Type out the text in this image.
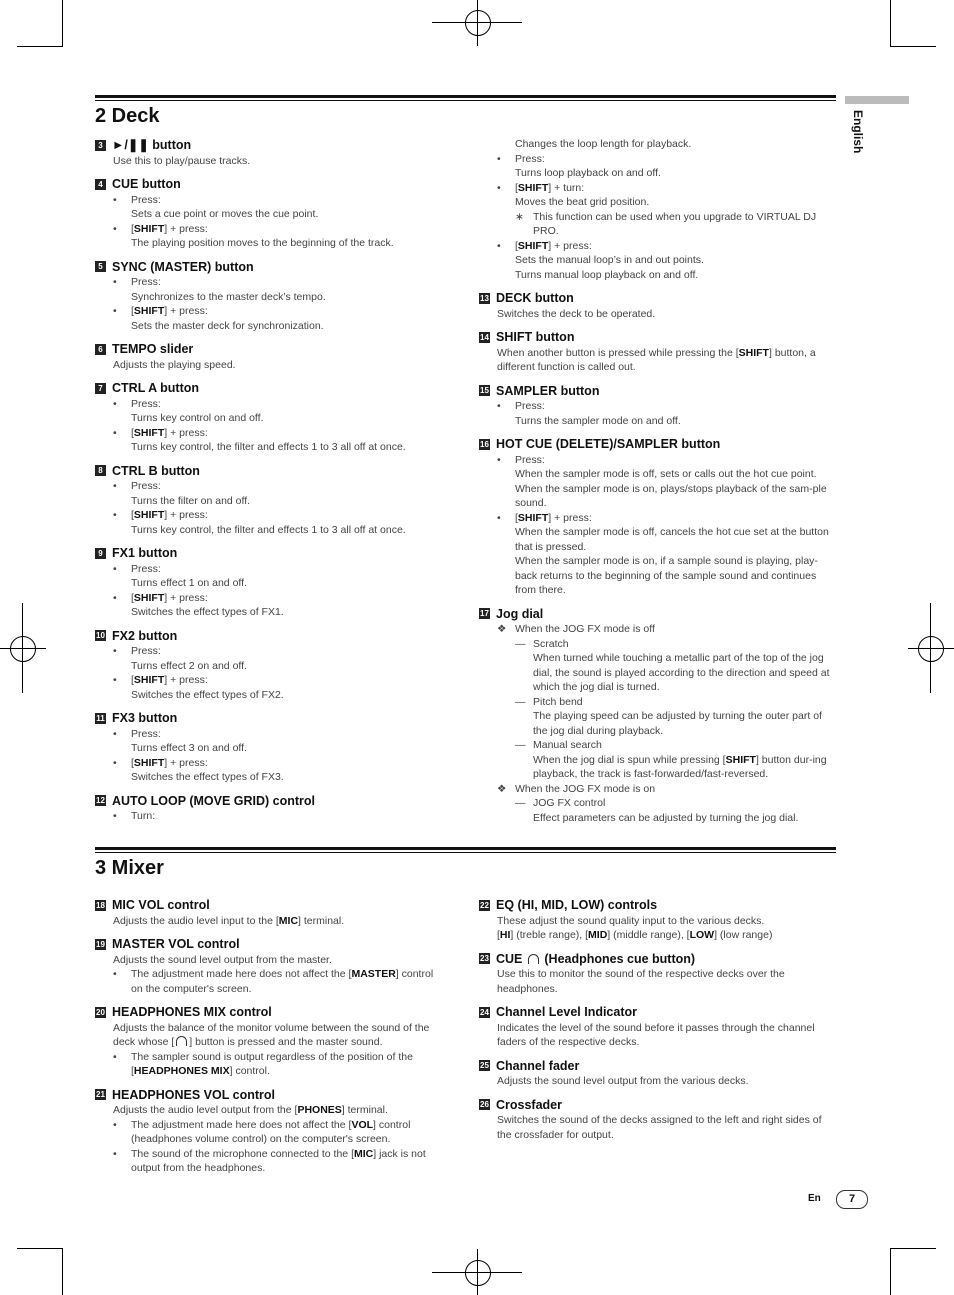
English
2 Deck
3 ►/❚❚ button
Use this to play/pause tracks.
4 CUE button
•	Press:
Sets a cue point or moves the cue point.
•	[SHIFT] + press:
The playing position moves to the beginning of the track.
5 SYNC (MASTER) button
•	Press:
Synchronizes to the master deck’s tempo.
•	[SHIFT] + press:
Sets the master deck for synchronization.
6 TEMPO slider
Adjusts the playing speed.
7 CTRL A button
•	Press:
Turns key control on and off.
•	[SHIFT] + press:
Turns key control, the filter and effects 1 to 3 all off at once.
8 CTRL B button
•	Press:
Turns the filter on and off.
•	[SHIFT] + press:
Turns key control, the filter and effects 1 to 3 all off at once.
9 FX1 button
•	Press:
Turns effect 1 on and off.
•	[SHIFT] + press:
Switches the effect types of FX1.
10 FX2 button
•	Press:
Turns effect 2 on and off.
•	[SHIFT] + press:
Switches the effect types of FX2.
11 FX3 button
•	Press:
Turns effect 3 on and off.
•	[SHIFT] + press:
Switches the effect types of FX3.
12 AUTO LOOP (MOVE GRID) control
•	Turn:
Changes the loop length for playback.
•	Press:
Turns loop playback on and off.
•	[SHIFT] + turn:
Moves the beat grid position.
∗ This function can be used when you upgrade to VIRTUAL DJ PRO.
•	[SHIFT] + press:
Sets the manual loop’s in and out points.
Turns manual loop playback on and off.
13 DECK button
Switches the deck to be operated.
14 SHIFT button
When another button is pressed while pressing the [SHIFT] button, a different function is called out.
15 SAMPLER button
•	Press:
Turns the sampler mode on and off.
16 HOT CUE (DELETE)/SAMPLER button
•	Press:
When the sampler mode is off, sets or calls out the hot cue point.
When the sampler mode is on, plays/stops playback of the sam-ple sound.
•	[SHIFT] + press:
When the sampler mode is off, cancels the hot cue set at the button that is pressed.
When the sampler mode is on, if a sample sound is playing, play-back returns to the beginning of the sample sound and continues from there.
17 Jog dial
❖ When the JOG FX mode is off
— Scratch
When turned while touching a metallic part of the top of the jog dial, the sound is played according to the direction and speed at which the jog dial is turned.
— Pitch bend
The playing speed can be adjusted by turning the outer part of the jog dial during playback.
— Manual search
When the jog dial is spun while pressing [SHIFT] button dur-ing playback, the track is fast-forwarded/fast-reversed.
❖ When the JOG FX mode is on
— JOG FX control
Effect parameters can be adjusted by turning the jog dial.
3 Mixer
18 MIC VOL control
Adjusts the audio level input to the [MIC] terminal.
19 MASTER VOL control
Adjusts the sound level output from the master.
•	The adjustment made here does not affect the [MASTER] control on the computer's screen.
20 HEADPHONES MIX control
Adjusts the balance of the monitor volume between the sound of the deck whose [ ] button is pressed and the master sound.
•	The sampler sound is output regardless of the position of the [HEADPHONES MIX] control.
21 HEADPHONES VOL control
Adjusts the audio level output from the [PHONES] terminal.
•	The adjustment made here does not affect the [VOL] control (headphones volume control) on the computer's screen.
•	The sound of the microphone connected to the [MIC] jack is not output from the headphones.
22 EQ (HI, MID, LOW) controls
These adjust the sound quality input to the various decks.
[HI] (treble range), [MID] (middle range), [LOW] (low range)
23 CUE

(Headphones cue button)
Use this to monitor the sound of the respective decks over the headphones.
24 Channel Level Indicator
Indicates the level of the sound before it passes through the channel faders of the respective decks.
25 Channel fader
Adjusts the sound level output from the various decks.
26 Crossfader
Switches the sound of the decks assigned to the left and right sides of the crossfader for output.
En	7
